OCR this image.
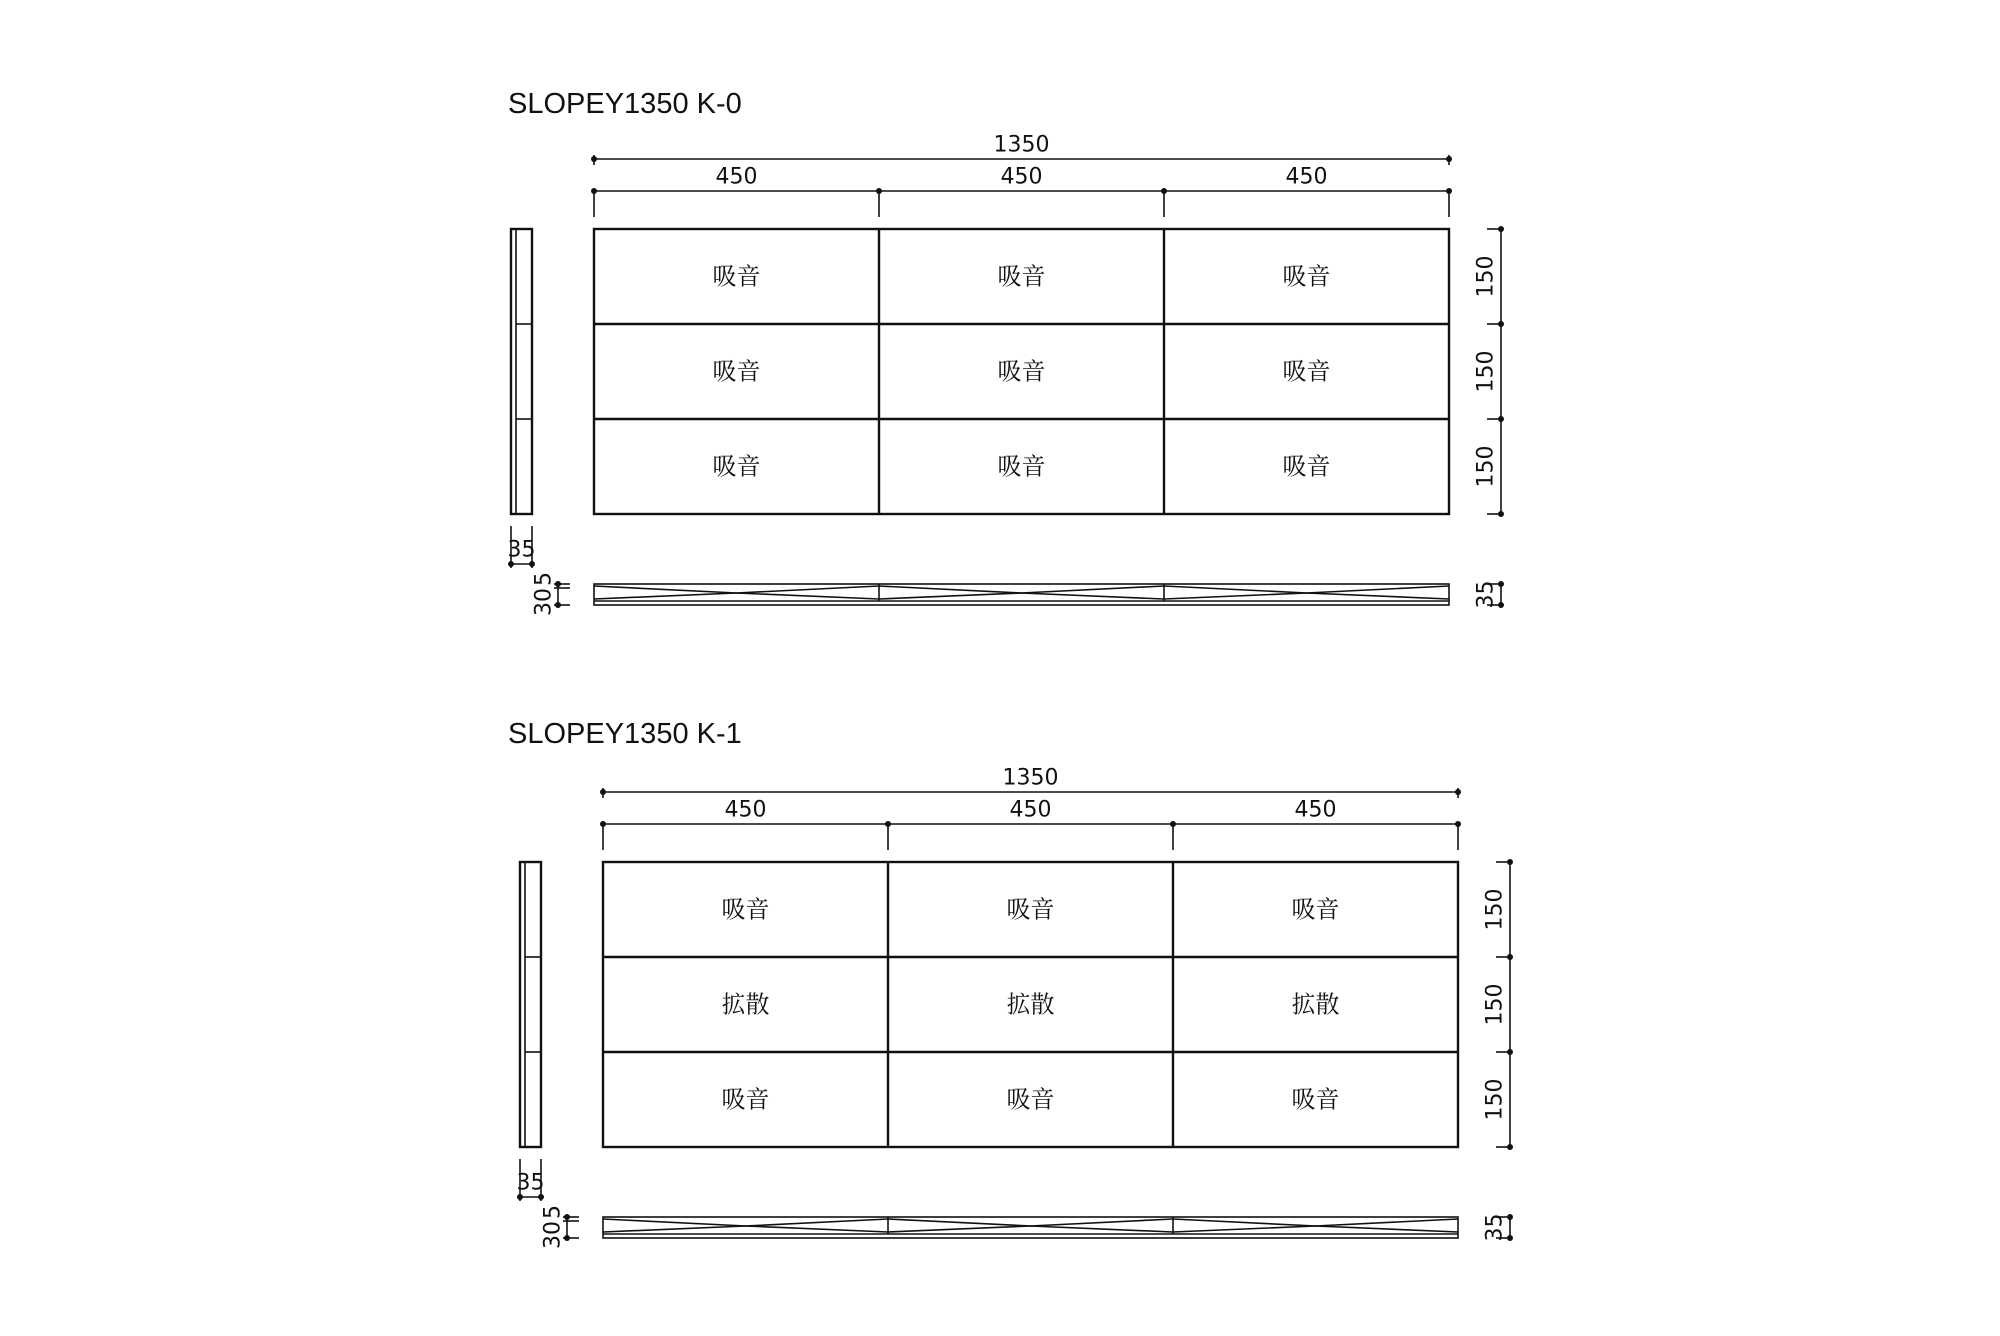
SLOPEY1350 K-0
SLOPEY1350 K-1
1350
450	450	450
吸音	吸音	吸音
吸音	吸音	吸音
吸音	吸音	吸音
150
150
150
35
5
30	35
1350
450	450	450
吸音	吸音	吸音
拡散	拡散	拡散
吸音	吸音	吸音
150
150
150
35
5
30	35
